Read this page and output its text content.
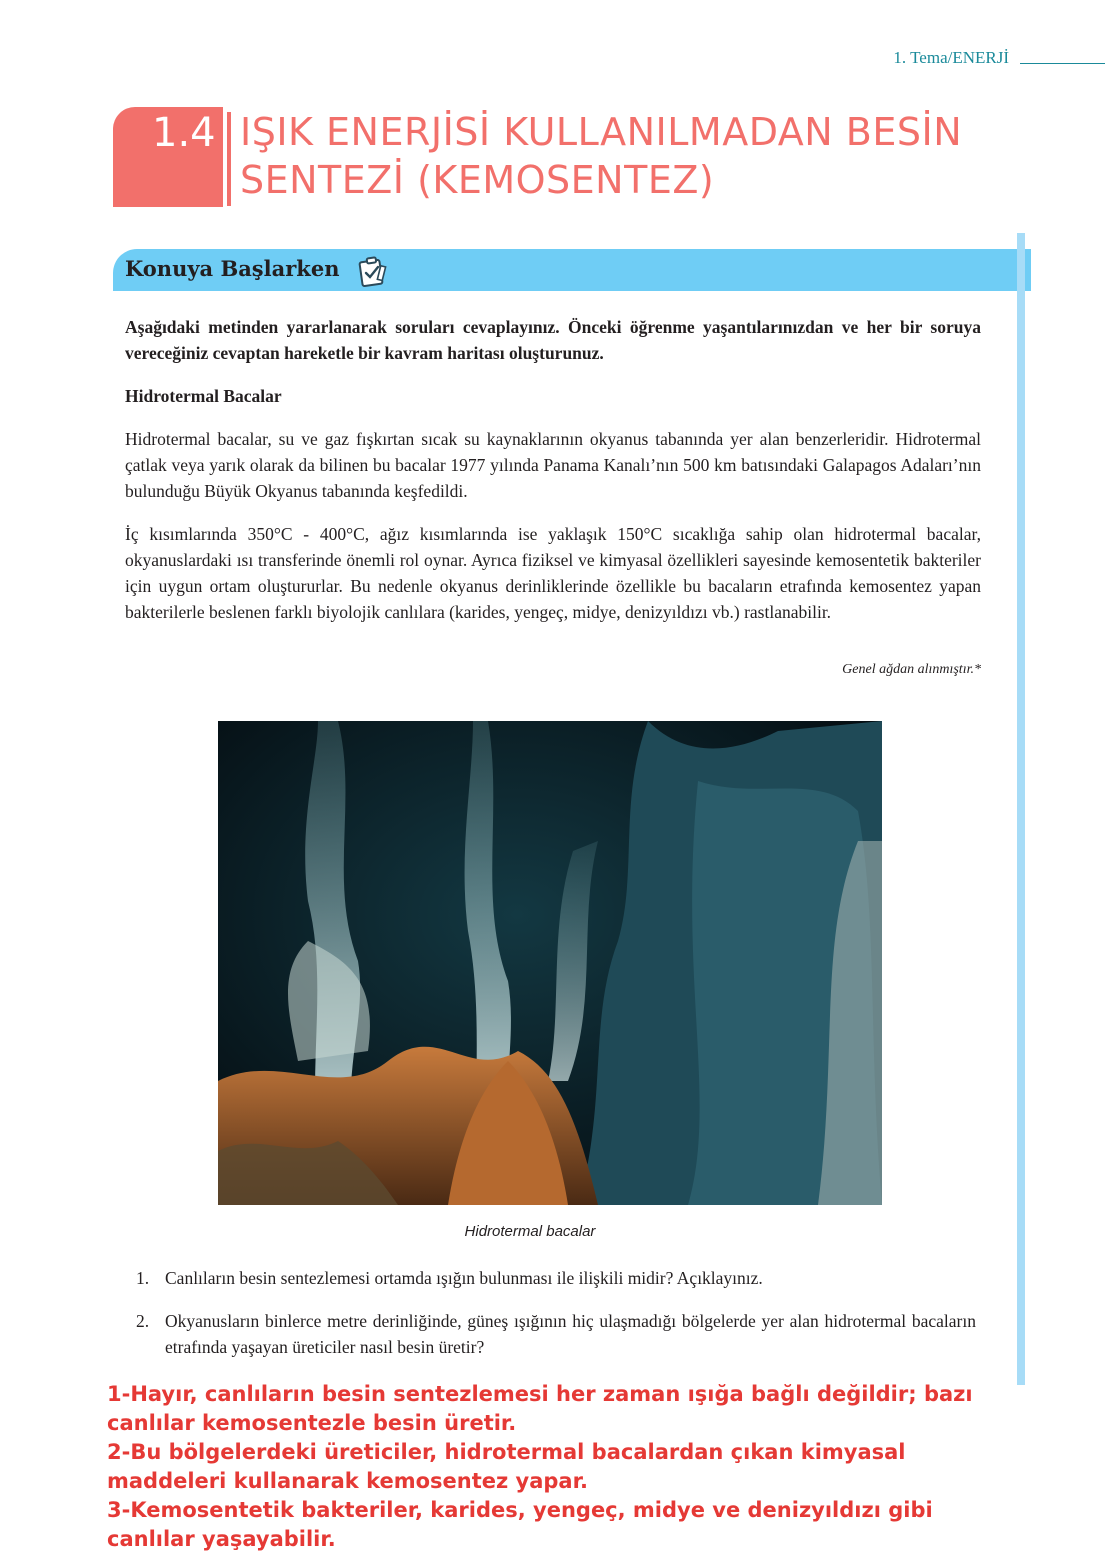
1. Tema/ENERJİ
1.4 IŞIK ENERJİSİ KULLANILMADAN BESİN
SENTEZİ (KEMOSENTEZ)
Konuya Başlarken
Aşağıdaki metinden yararlanarak soruları cevaplayınız. Önceki öğrenme yaşantılarınızdan ve her bir soruya vereceğiniz cevaptan hareketle bir kavram haritası oluşturunuz.
Hidrotermal Bacalar
Hidrotermal bacalar, su ve gaz fışkırtan sıcak su kaynaklarının okyanus tabanında yer alan benzerleridir. Hidrotermal çatlak veya yarık olarak da bilinen bu bacalar 1977 yılında Panama Kanalı’nın 500 km batısındaki Galapagos Adaları’nın bulunduğu Büyük Okyanus tabanında keşfedildi.
İç kısımlarında 350°C - 400°C, ağız kısımlarında ise yaklaşık 150°C sıcaklığa sahip olan hidrotermal bacalar, okyanuslardaki ısı transferinde önemli rol oynar. Ayrıca fiziksel ve kimyasal özellikleri sayesinde kemosentetik bakteriler için uygun ortam oluştururlar. Bu nedenle okyanus derinliklerinde özellikle bu bacaların etrafında kemosentez yapan bakterilerle beslenen farklı biyolojik canlılara (karides, yengeç, midye, denizyıldızı vb.) rastlanabilir.
Genel ağdan alınmıştır.*
Hidrotermal bacalar
1. Canlıların besin sentezlemesi ortamda ışığın bulunması ile ilişkili midir? Açıklayınız.
2. Okyanusların binlerce metre derinliğinde, güneş ışığının hiç ulaşmadığı bölgelerde yer alan hidrotermal bacaların etrafında yaşayan üreticiler nasıl besin üretir?
1-Hayır, canlıların besin sentezlemesi her zaman ışığa bağlı değildir; bazı canlılar kemosentezle besin üretir.
2-Bu bölgelerdeki üreticiler, hidrotermal bacalardan çıkan kimyasal maddeleri kullanarak kemosentez yapar.
3-Kemosentetik bakteriler, karides, yengeç, midye ve denizyıldızı gibi canlılar yaşayabilir.
